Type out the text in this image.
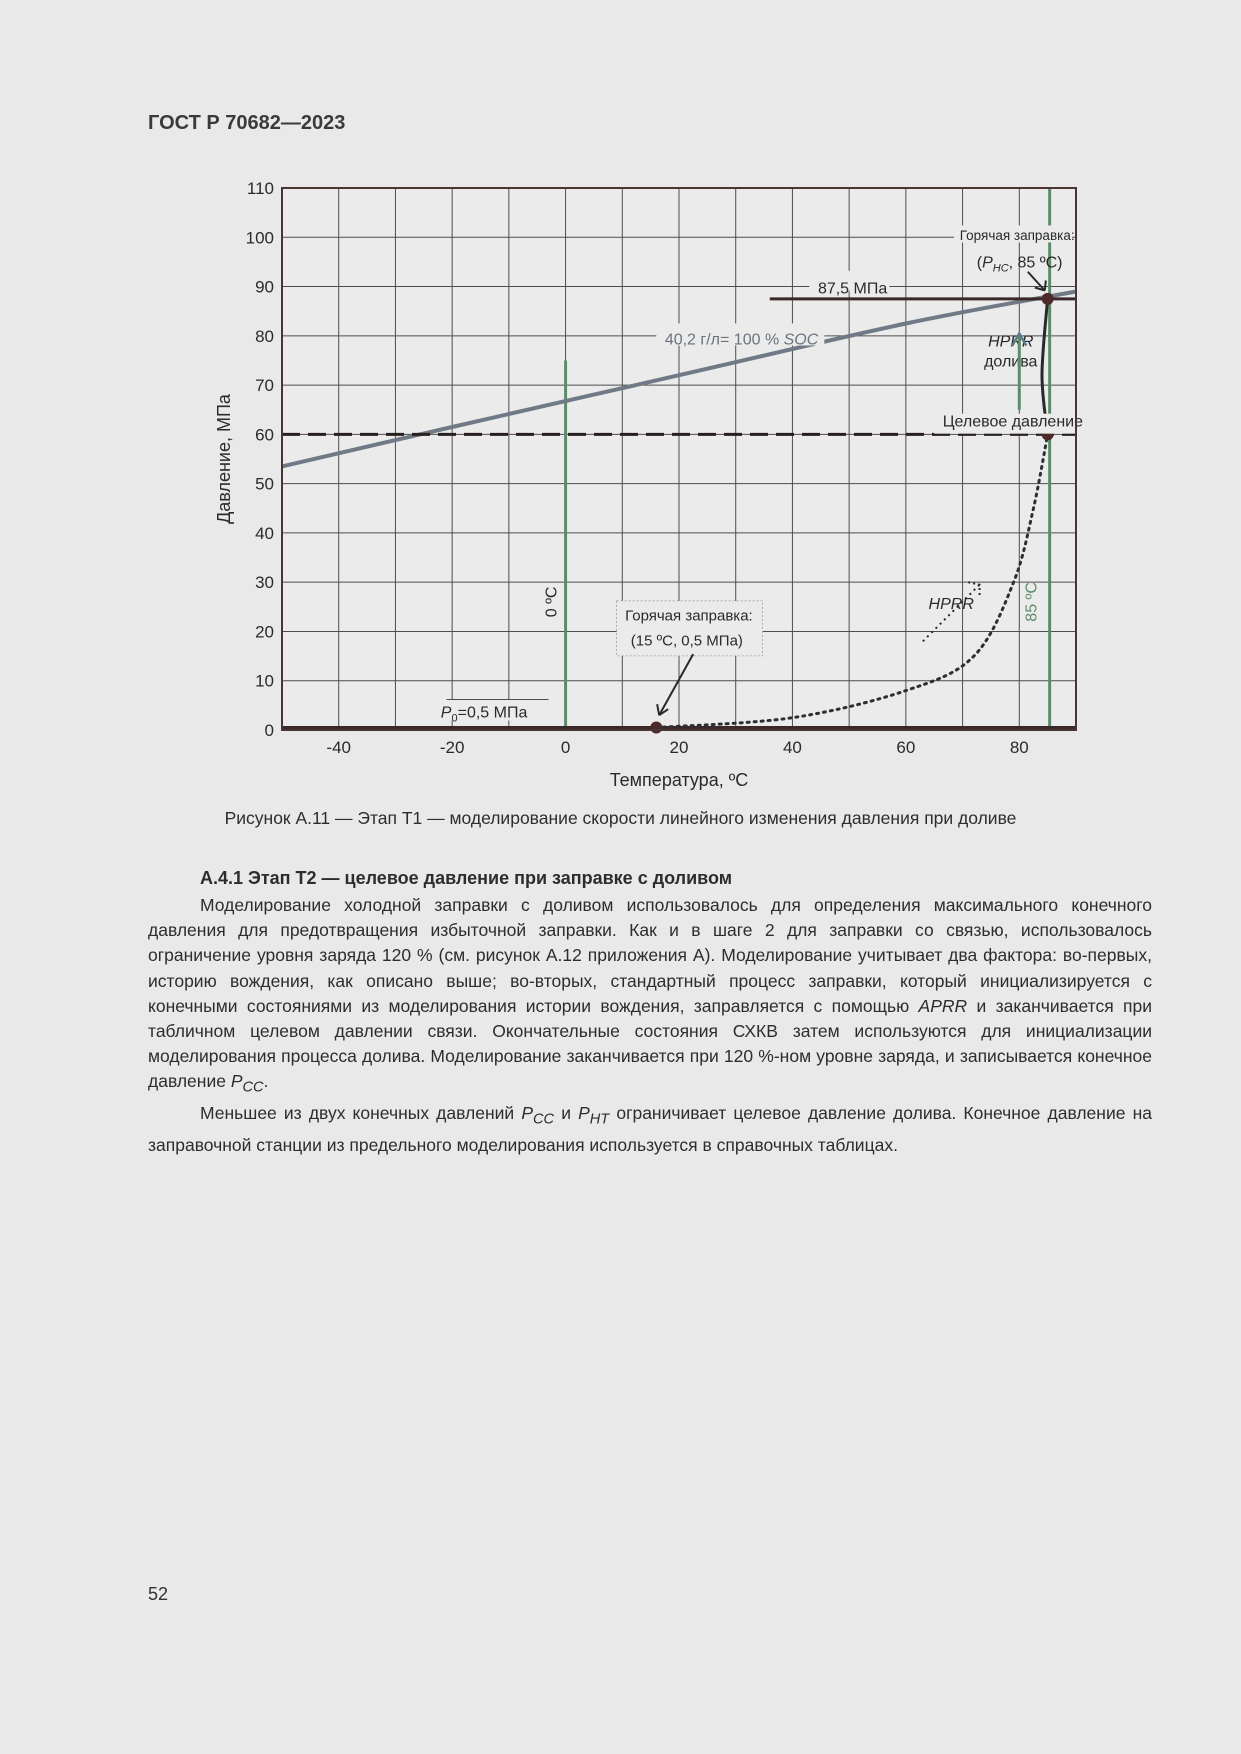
ГОСТ Р 70682—2023
-40	-20	0	20	40	60	80
0
10
20
30
40
50
60
70
80
90
100
110
40,2 г/л= 100 % SOC
Целевое давление
87,5 МПа
$P_0=0,5$ МПа
0 ºС	85 ºС
Горячая заправка:
(15 ºС, 0,5 МПа)
Горячая заправка:
($P_{HC}$, 85 ºС)
HPRR
долива
HPRR
Температура, ºС
Давление, МПа
Рисунок А.11 — Этап Т1 — моделирование скорости линейного изменения давления при доливе
А.4.1 Этап Т2 — целевое давление при заправке с доливом

Моделирование холодной заправки с доливом использовалось для определения максимального конечного давления для предотвращения избыточной заправки. Как и в шаге 2 для заправки со связью, использовалось ограничение уровня заряда 120 % (см. рисунок А.12 приложения А). Моделирование учитывает два фактора: во-первых, историю вождения, как описано выше; во-вторых, стандартный процесс заправки, который инициализируется с конечными состояниями из моделирования истории вождения, заправляется с помощью APRR и заканчивается при табличном целевом давлении связи. Окончательные состояния СХКВ затем используются для инициализации моделирования процесса долива. Моделирование заканчивается при 120 %-ном уровне заряда, и записывается конечное давление $P_{CC}$.

Меньшее из двух конечных давлений $P_{CC}$ и $P_{HT}$ ограничивает целевое давление долива. Конечное давление на заправочной станции из предельного моделирования используется в справочных таблицах.

52
